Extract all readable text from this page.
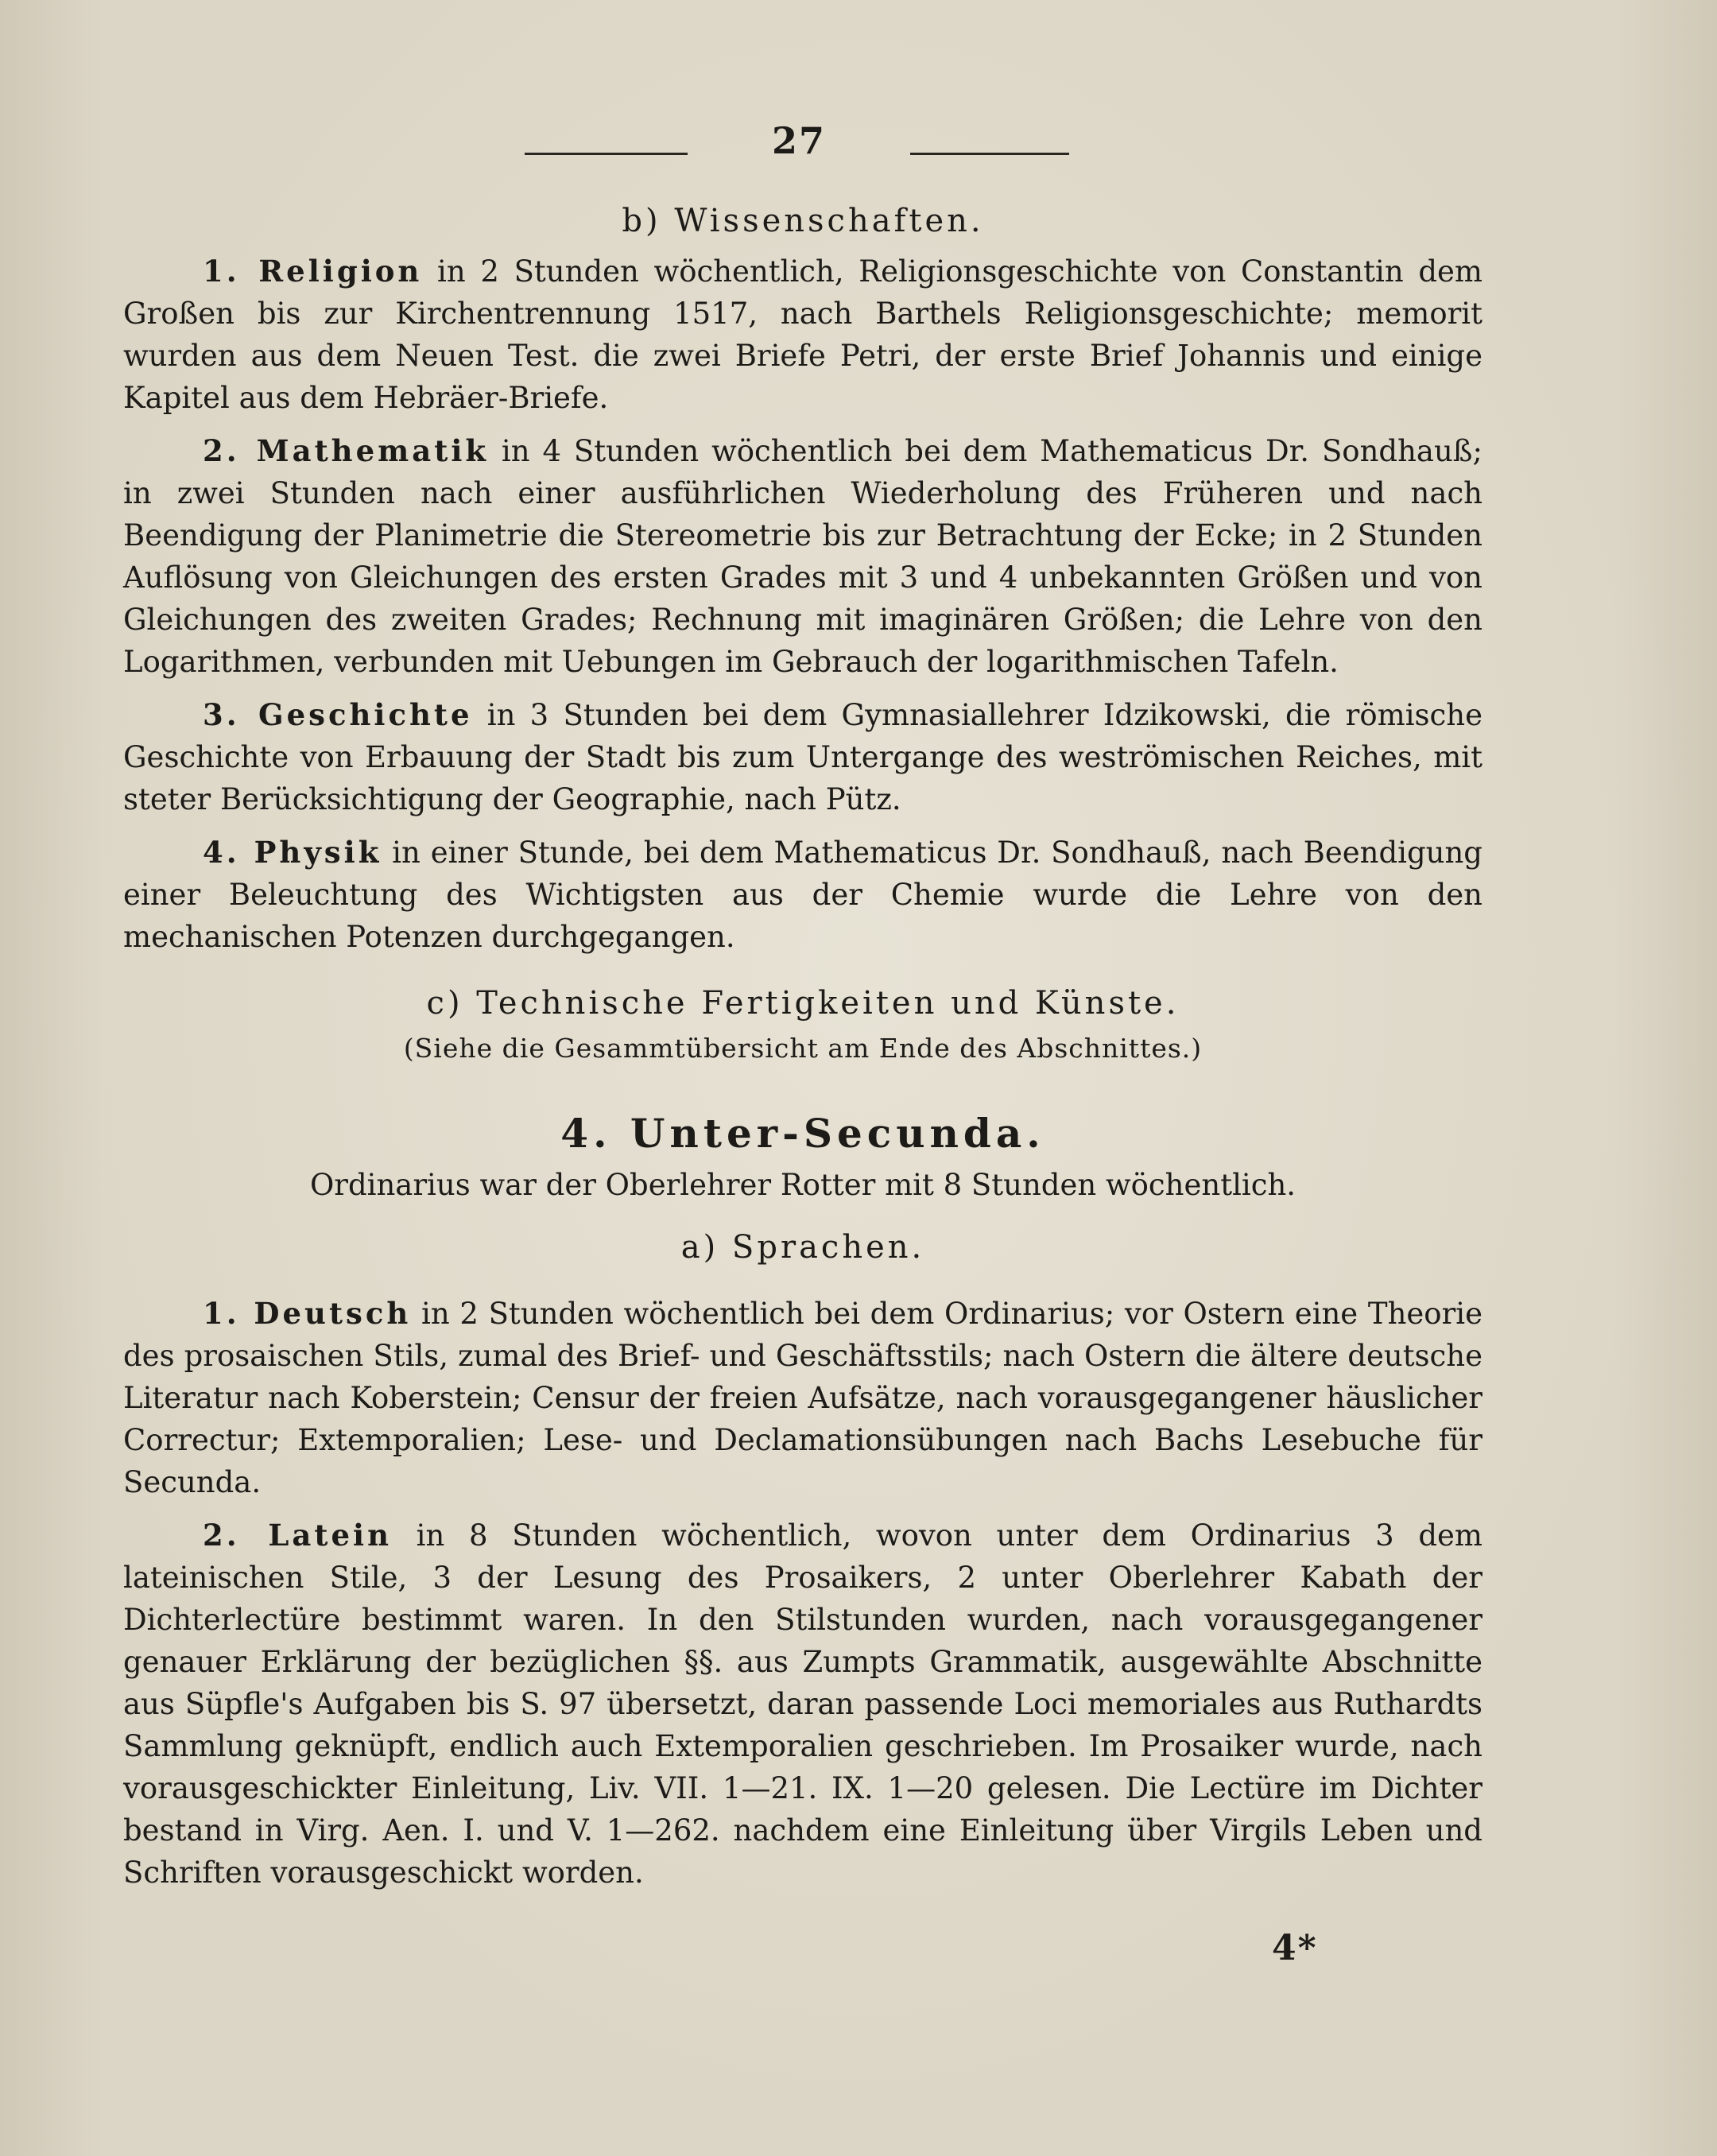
27

b) Wissenschaften.

1. Religion in 2 Stunden wöchentlich, Religionsgeschichte von Constantin dem Großen bis zur Kirchentrennung 1517, nach Barthels Religionsgeschichte; memorit wurden aus dem Neuen Test. die zwei Briefe Petri, der erste Brief Johannis und einige Kapitel aus dem Hebräer-Briefe.

2. Mathematik in 4 Stunden wöchentlich bei dem Mathematicus Dr. Sondhauß; in zwei Stunden nach einer ausführlichen Wiederholung des Früheren und nach Beendigung der Planimetrie die Stereometrie bis zur Betrachtung der Ecke; in 2 Stunden Auflösung von Gleichungen des ersten Grades mit 3 und 4 unbekannten Größen und von Gleichungen des zweiten Grades; Rechnung mit imaginären Größen; die Lehre von den Logarithmen, verbunden mit Uebungen im Gebrauch der logarithmischen Tafeln.

3. Geschichte in 3 Stunden bei dem Gymnasiallehrer Idzikowski, die römische Geschichte von Erbauung der Stadt bis zum Untergange des weströmischen Reiches, mit steter Berücksichtigung der Geographie, nach Pütz.

4. Physik in einer Stunde, bei dem Mathematicus Dr. Sondhauß, nach Beendigung einer Beleuchtung des Wichtigsten aus der Chemie wurde die Lehre von den mechanischen Potenzen durchgegangen.

c) Technische Fertigkeiten und Künste.

(Siehe die Gesammtübersicht am Ende des Abschnittes.)

4. Unter-Secunda.

Ordinarius war der Oberlehrer Rotter mit 8 Stunden wöchentlich.

a) Sprachen.

1. Deutsch in 2 Stunden wöchentlich bei dem Ordinarius; vor Ostern eine Theorie des prosaischen Stils, zumal des Brief- und Geschäftsstils; nach Ostern die ältere deutsche Literatur nach Koberstein; Censur der freien Aufsätze, nach vorausgegangener häuslicher Correctur; Extemporalien; Lese- und Declamationsübungen nach Bachs Lesebuche für Secunda.

2. Latein in 8 Stunden wöchentlich, wovon unter dem Ordinarius 3 dem lateinischen Stile, 3 der Lesung des Prosaikers, 2 unter Oberlehrer Kabath der Dichterlectüre bestimmt waren. In den Stilstunden wurden, nach vorausgegangener genauer Erklärung der bezüglichen §§. aus Zumpts Grammatik, ausgewählte Abschnitte aus Süpfle's Aufgaben bis S. 97 übersetzt, daran passende Loci memoriales aus Ruthardts Sammlung geknüpft, endlich auch Extemporalien geschrieben. Im Prosaiker wurde, nach vorausgeschickter Einleitung, Liv. VII. 1—21. IX. 1—20 gelesen. Die Lectüre im Dichter bestand in Virg. Aen. I. und V. 1—262. nachdem eine Einleitung über Virgils Leben und Schriften vorausgeschickt worden.

4*
